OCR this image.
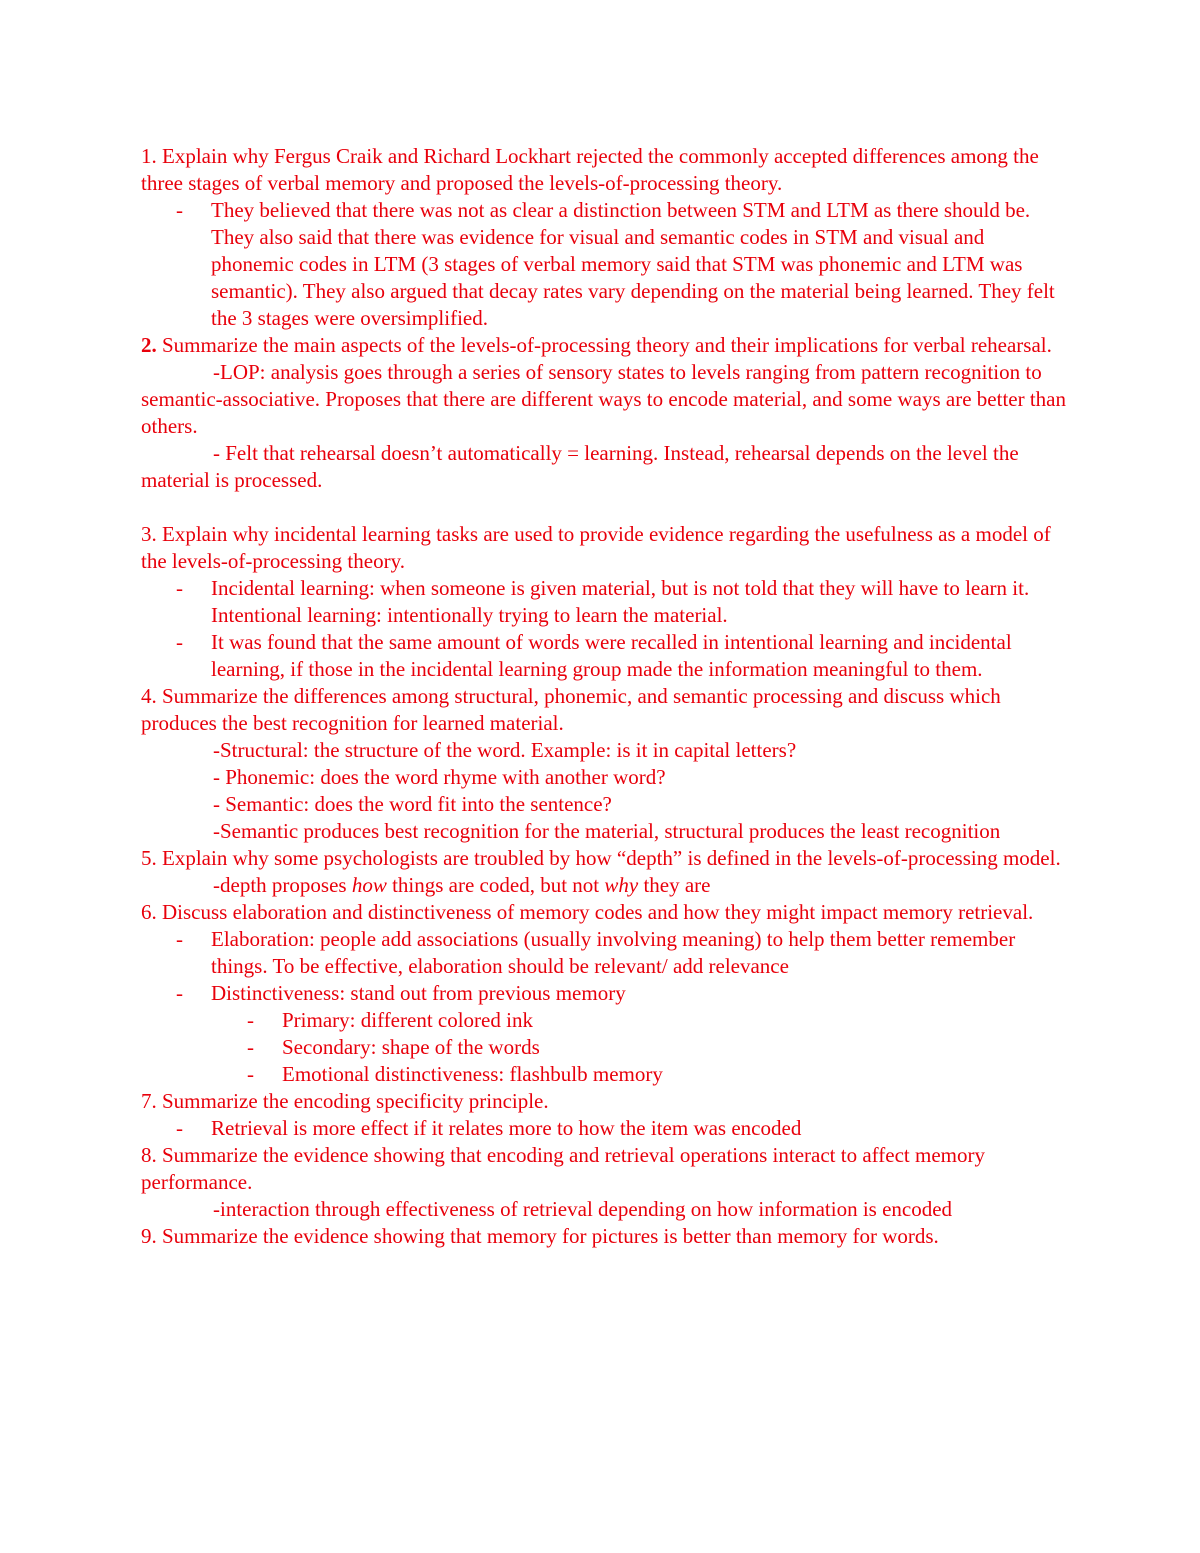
1. Explain why Fergus Craik and Richard Lockhart rejected the commonly accepted differences among the three stages of verbal memory and proposed the levels-of-processing theory.

- They believed that there was not as clear a distinction between STM and LTM as there should be. They also said that there was evidence for visual and semantic codes in STM and visual and phonemic codes in LTM (3 stages of verbal memory said that STM was phonemic and LTM was semantic). They also argued that decay rates vary depending on the material being learned. They felt the 3 stages were oversimplified.

2. Summarize the main aspects of the levels-of-processing theory and their implications for verbal rehearsal.

-LOP: analysis goes through a series of sensory states to levels ranging from pattern recognition to semantic-associative. Proposes that there are different ways to encode material, and some ways are better than others.

- Felt that rehearsal doesn’t automatically = learning. Instead, rehearsal depends on the level the material is processed.

3. Explain why incidental learning tasks are used to provide evidence regarding the usefulness as a model of the levels-of-processing theory.

- Incidental learning: when someone is given material, but is not told that they will have to learn it. Intentional learning: intentionally trying to learn the material.

- It was found that the same amount of words were recalled in intentional learning and incidental learning, if those in the incidental learning group made the information meaningful to them.

4. Summarize the differences among structural, phonemic, and semantic processing and discuss which produces the best recognition for learned material.

-Structural: the structure of the word. Example: is it in capital letters?

- Phonemic: does the word rhyme with another word?

- Semantic: does the word fit into the sentence?

-Semantic produces best recognition for the material, structural produces the least recognition

5. Explain why some psychologists are troubled by how “depth” is defined in the levels-of-processing model.

-depth proposes how things are coded, but not why they are

6. Discuss elaboration and distinctiveness of memory codes and how they might impact memory retrieval.

- Elaboration: people add associations (usually involving meaning) to help them better remember things. To be effective, elaboration should be relevant/ add relevance

- Distinctiveness: stand out from previous memory

- Primary: different colored ink

- Secondary: shape of the words

- Emotional distinctiveness: flashbulb memory

7. Summarize the encoding specificity principle.

- Retrieval is more effect if it relates more to how the item was encoded

8. Summarize the evidence showing that encoding and retrieval operations interact to affect memory performance.

-interaction through effectiveness of retrieval depending on how information is encoded

9. Summarize the evidence showing that memory for pictures is better than memory for words.
